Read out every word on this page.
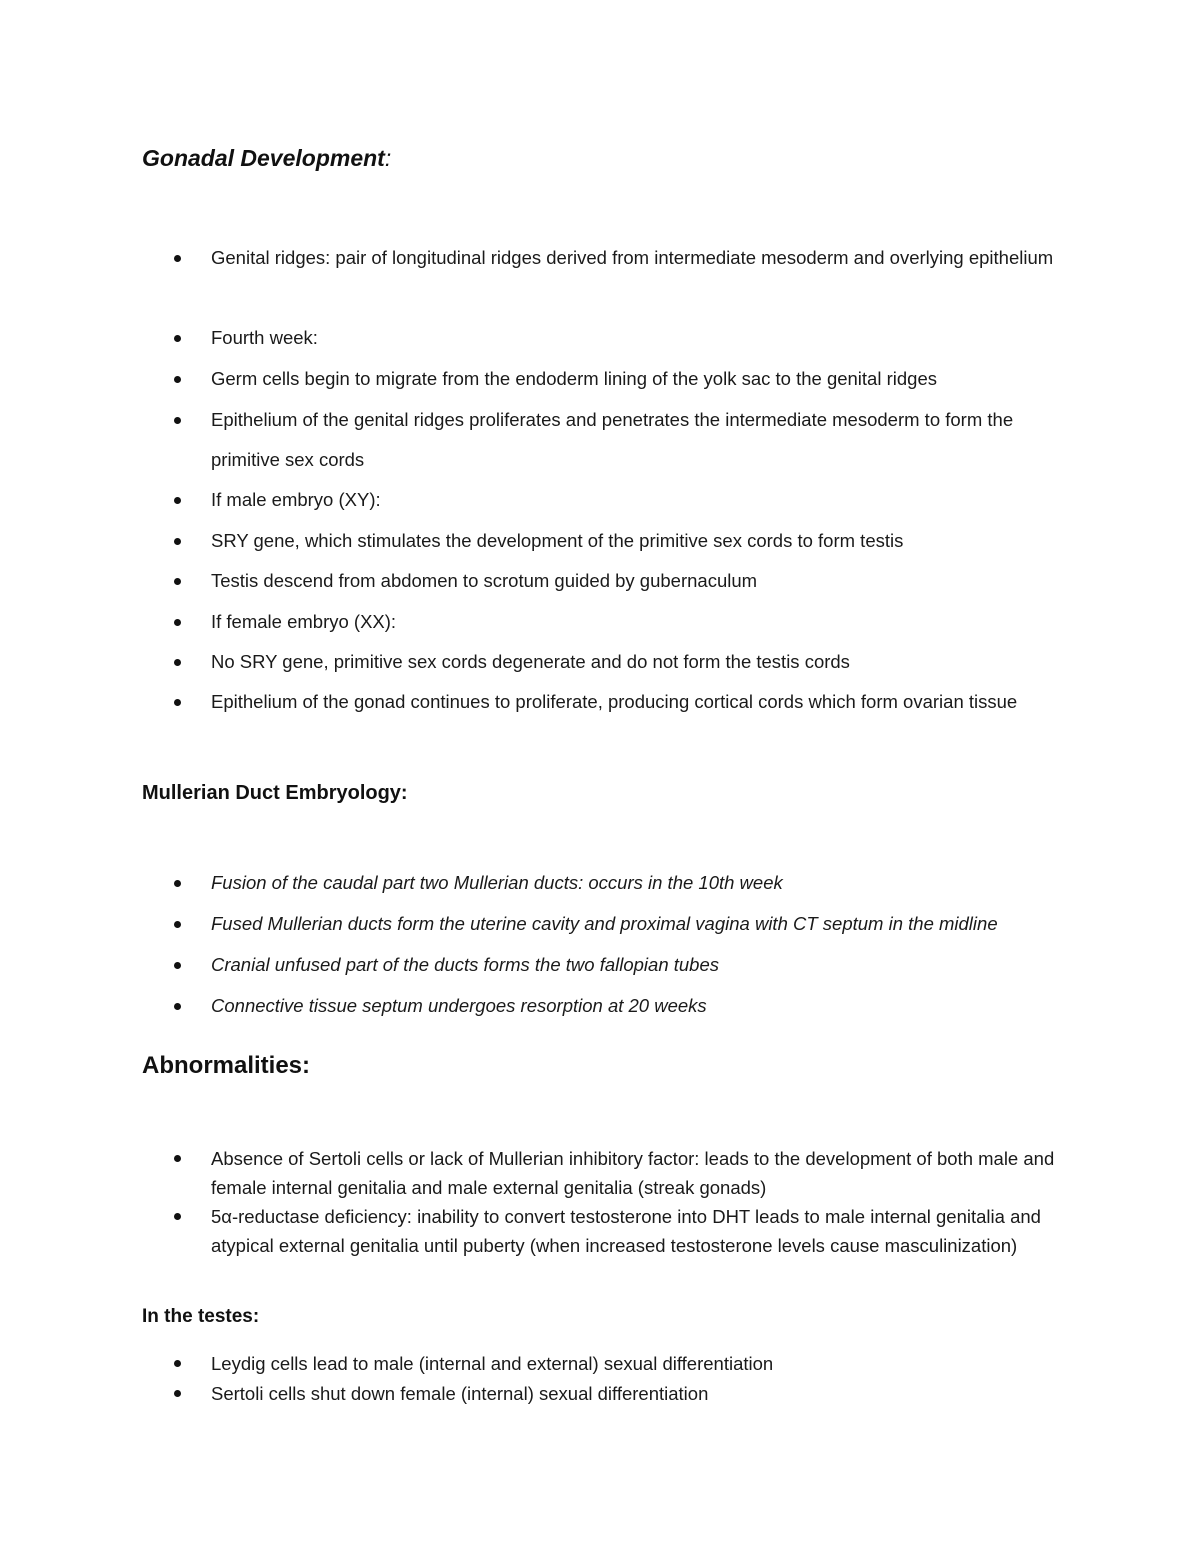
Gonadal Development:
Genital ridges: pair of longitudinal ridges derived from intermediate mesoderm and overlying epithelium
Fourth week:
Germ cells begin to migrate from the endoderm lining of the yolk sac to the genital ridges
Epithelium of the genital ridges proliferates and penetrates the intermediate mesoderm to form the primitive sex cords
If male embryo (XY):
SRY gene, which stimulates the development of the primitive sex cords to form testis
Testis descend from abdomen to scrotum guided by gubernaculum
If female embryo (XX):
No SRY gene, primitive sex cords degenerate and do not form the testis cords
Epithelium of the gonad continues to proliferate, producing cortical cords which form ovarian tissue
Mullerian Duct Embryology:
Fusion of the caudal part two Mullerian ducts: occurs in the 10th week
Fused Mullerian ducts form the uterine cavity and proximal vagina with CT septum in the midline
Cranial unfused part of the ducts forms the two fallopian tubes
Connective tissue septum undergoes resorption at 20 weeks
Abnormalities:
Absence of Sertoli cells or lack of Mullerian inhibitory factor: leads to the development of both male and female internal genitalia and male external genitalia (streak gonads)
5α-reductase deficiency: inability to convert testosterone into DHT leads to male internal genitalia and atypical external genitalia until puberty (when increased testosterone levels cause masculinization)
In the testes:
Leydig cells lead to male (internal and external) sexual differentiation
Sertoli cells shut down female (internal) sexual differentiation
